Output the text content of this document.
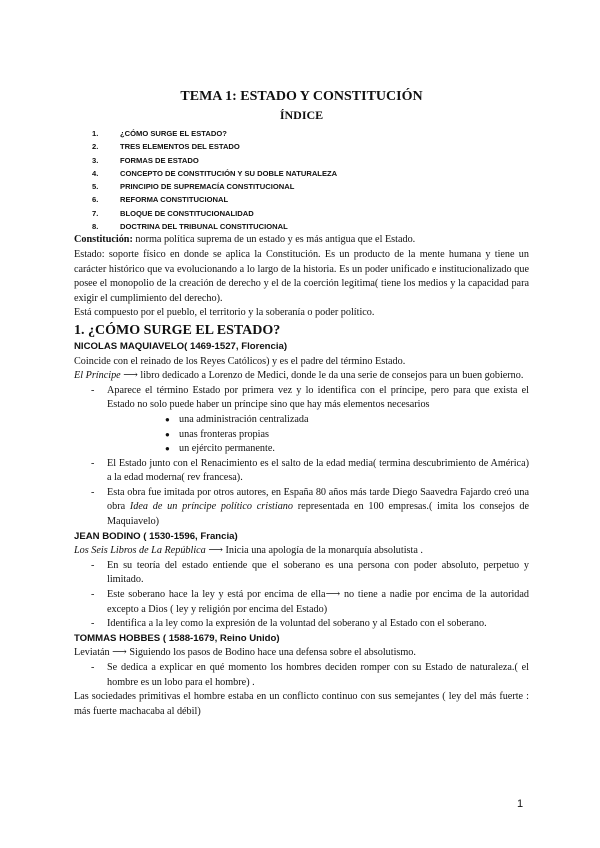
TEMA 1: ESTADO Y CONSTITUCIÓN
ÍNDICE
1.	¿CÓMO SURGE EL ESTADO?
2.	TRES ELEMENTOS DEL ESTADO
3.	FORMAS DE ESTADO
4.	CONCEPTO DE CONSTITUCIÓN Y SU DOBLE NATURALEZA
5.	PRINCIPIO DE SUPREMACÍA CONSTITUCIONAL
6.	REFORMA CONSTITUCIONAL
7.	BLOQUE DE CONSTITUCIONALIDAD
8.	DOCTRINA DEL TRIBUNAL CONSTITUCIONAL

Constitución: norma política suprema de un estado y es más antigua que el Estado.

Estado: soporte físico en donde se aplica la Constitución. Es un producto de la mente humana y tiene un carácter histórico que va evolucionando a lo largo de la historia. Es un poder unificado e institucionalizado que posee el monopolio de la creación de derecho y el de la coerción legítima( tiene los medios y la capacidad para exigir el cumplimiento del derecho).

Está compuesto por el pueblo, el territorio y la soberanía o poder político.

1. ¿CÓMO SURGE EL ESTADO?
NICOLAS MAQUIAVELO( 1469-1527, Florencia)

Coincide con el reinado de los Reyes Católicos) y es el padre del término Estado.

El Príncipe ⟶ libro dedicado a Lorenzo de Medici, donde le da una serie de consejos para un buen gobierno.

- Aparece el término Estado por primera vez y lo identifica con el príncipe, pero para que exista el Estado no solo puede haber un príncipe sino que hay más elementos necesarios
● una administración centralizada
● unas fronteras propias
● un ejército permanente.
- El Estado junto con el Renacimiento es el salto de la edad media( termina descubrimiento de América) a la edad moderna( rev francesa).
- Esta obra fue imitada por otros autores, en España 80 años más tarde Diego Saavedra Fajardo creó una obra Idea de un príncipe político cristiano representada en 100 empresas.( imita los consejos de Maquiavelo)
JEAN BODINO ( 1530-1596, Francia)

Los Seis Libros de La República ⟶ Inicia una apología de la monarquía absolutista .

- En su teoría del estado entiende que el soberano es una persona con poder absoluto, perpetuo y limitado.
- Este soberano hace la ley y está por encima de ella⟶ no tiene a nadie por encima de la autoridad excepto a Dios ( ley y religión por encima del Estado)
- Identifica a la ley como la expresión de la voluntad del soberano y al Estado con el soberano.
TOMMAS HOBBES ( 1588-1679, Reino Unido)

Leviatán ⟶ Siguiendo los pasos de Bodino hace una defensa sobre el absolutismo.

- Se dedica a explicar en qué momento los hombres deciden romper con su Estado de naturaleza.( el hombre es un lobo para el hombre) .

Las sociedades primitivas el hombre estaba en un conflicto continuo con sus semejantes ( ley del más fuerte : más fuerte machacaba al débil)

1
